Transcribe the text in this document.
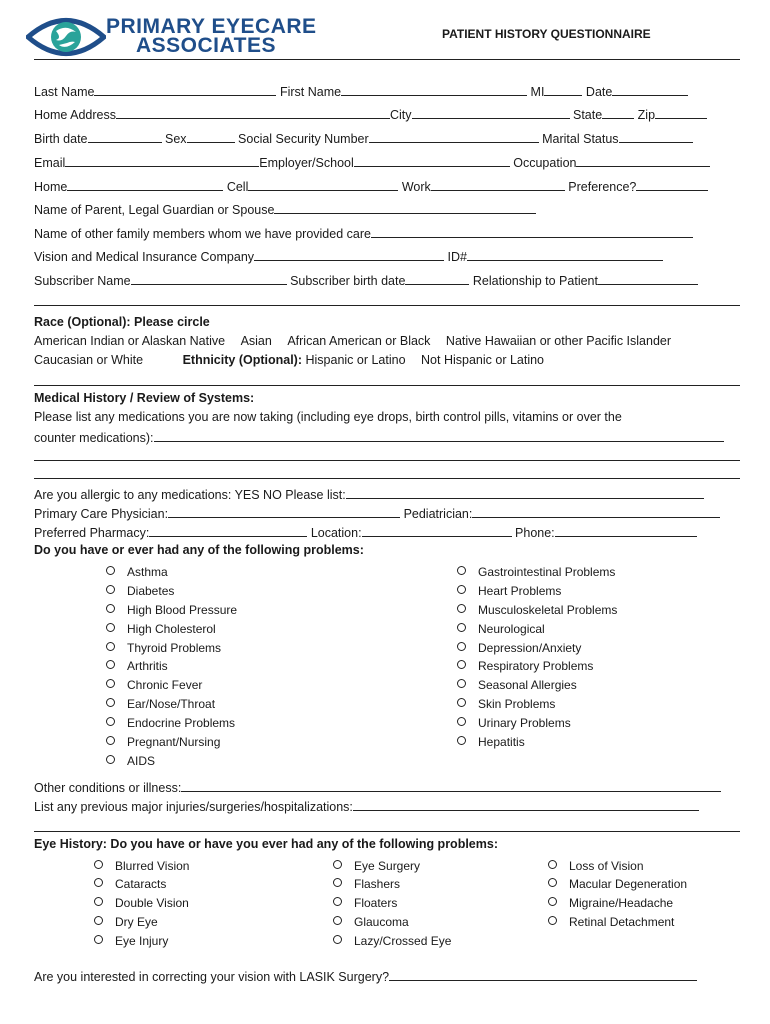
PRIMARY EYECARE
ASSOCIATES	PATIENT HISTORY QUESTIONNAIRE
Last Name	First Name	MI	Date
Home Address	City	State	Zip
Birth date	Sex	Social Security Number	Marital Status
Email	Employer/School	Occupation
Home	Cell	Work	Preference?
Name of Parent, Legal Guardian or Spouse
Name of other family members whom we have provided care
Vision and Medical Insurance Company	ID#
Subscriber Name	Subscriber birth date	Relationship to Patient
Race (Optional): Please circle
American Indian or Alaskan Native Asian African American or Black Native Hawaiian or other Pacific Islander
Caucasian or White	Ethnicity (Optional): Hispanic or Latino Not Hispanic or Latino
Medical History / Review of Systems:
Please list any medications you are now taking (including eye drops, birth control pills, vitamins or over the
counter medications):
Are you allergic to any medications: YES NO Please list:
Primary Care Physician:	Pediatrician:
Preferred Pharmacy:	Location:	Phone:
Do you have or ever had any of the following problems:
Asthma
Diabetes
High Blood Pressure
High Cholesterol
Thyroid Problems
Arthritis
Chronic Fever
Ear/Nose/Throat
Endocrine Problems
Pregnant/Nursing
AIDS
Gastrointestinal Problems
Heart Problems
Musculoskeletal Problems
Neurological
Depression/Anxiety
Respiratory Problems
Seasonal Allergies
Skin Problems
Urinary Problems
Hepatitis
Other conditions or illness:
List any previous major injuries/surgeries/hospitalizations:
Eye History: Do you have or have you ever had any of the following problems:
Blurred Vision
Cataracts
Double Vision
Dry Eye
Eye Injury
Eye Surgery
Flashers
Floaters
Glaucoma
Lazy/Crossed Eye
Loss of Vision
Macular Degeneration
Migraine/Headache
Retinal Detachment
Are you interested in correcting your vision with LASIK Surgery?
